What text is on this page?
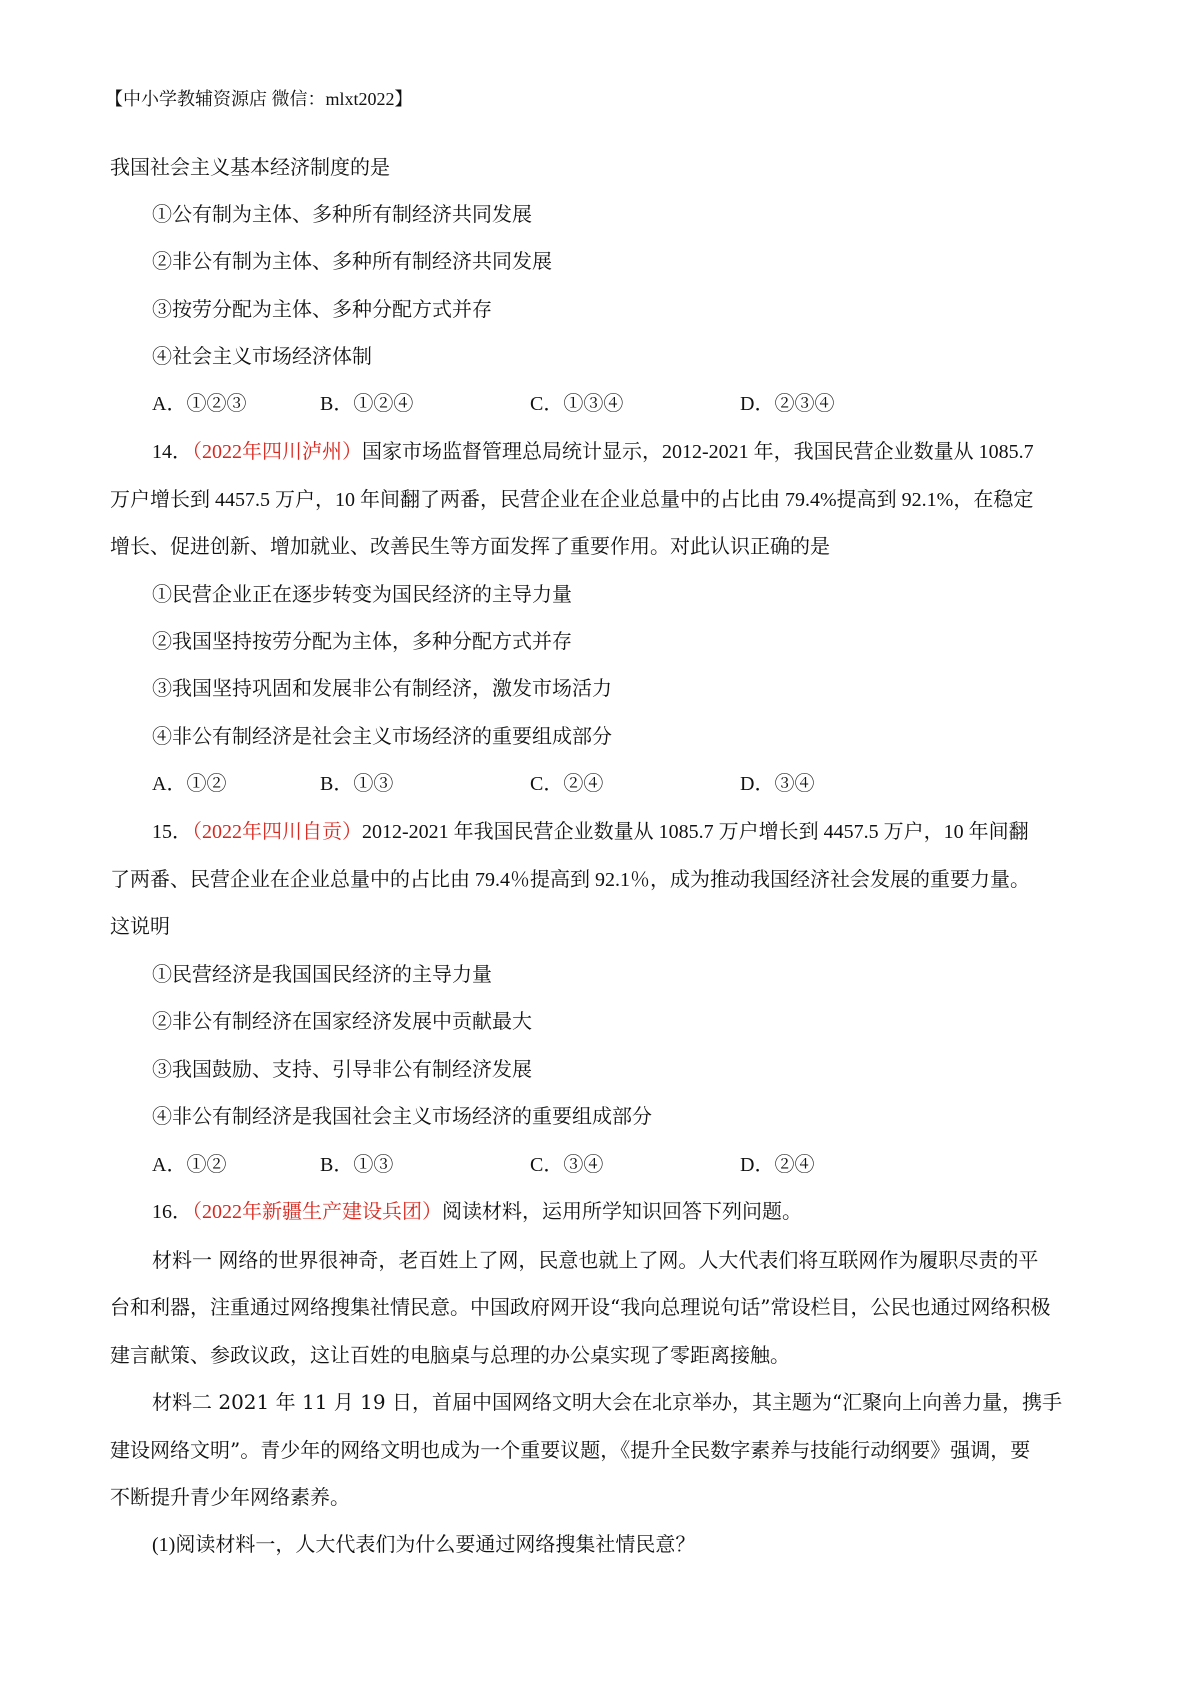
【中小学教辅资源店 微信：mlxt2022】
我国社会主义基本经济制度的是
①公有制为主体、多种所有制经济共同发展
②非公有制为主体、多种所有制经济共同发展
③按劳分配为主体、多种分配方式并存
④社会主义市场经济体制
A．①②③	B．①②④	C．①③④	D．②③④
14．（2022年四川泸州）国家市场监督管理总局统计显示，2012-2021 年，我国民营企业数量从 1085.7
万户增长到 4457.5 万户，10 年间翻了两番，民营企业在企业总量中的占比由 79.4%提高到 92.1%，在稳定
增长、促进创新、增加就业、改善民生等方面发挥了重要作用。对此认识正确的是
①民营企业正在逐步转变为国民经济的主导力量
②我国坚持按劳分配为主体，多种分配方式并存
③我国坚持巩固和发展非公有制经济，激发市场活力
④非公有制经济是社会主义市场经济的重要组成部分
A．①②	B．①③	C．②④	D．③④
15．（2022年四川自贡）2012-2021 年我国民营企业数量从 1085.7 万户增长到 4457.5 万户，10 年间翻
了两番、民营企业在企业总量中的占比由 79.4％提高到 92.1％，成为推动我国经济社会发展的重要力量。
这说明
①民营经济是我国国民经济的主导力量
②非公有制经济在国家经济发展中贡献最大
③我国鼓励、支持、引导非公有制经济发展
④非公有制经济是我国社会主义市场经济的重要组成部分
A．①②	B．①③	C．③④	D．②④
16．（2022年新疆生产建设兵团）阅读材料，运用所学知识回答下列问题。
材料一 网络的世界很神奇，老百姓上了网，民意也就上了网。人大代表们将互联网作为履职尽责的平
台和利器，注重通过网络搜集社情民意。中国政府网开设“我向总理说句话”常设栏目，公民也通过网络积极
建言献策、参政议政，这让百姓的电脑桌与总理的办公桌实现了零距离接触。
材料二 2021 年 11 月 19 日，首届中国网络文明大会在北京举办，其主题为“汇聚向上向善力量，携手
建设网络文明”。青少年的网络文明也成为一个重要议题，《提升全民数字素养与技能行动纲要》强调，要
不断提升青少年网络素养。
(1)阅读材料一，人大代表们为什么要通过网络搜集社情民意？
